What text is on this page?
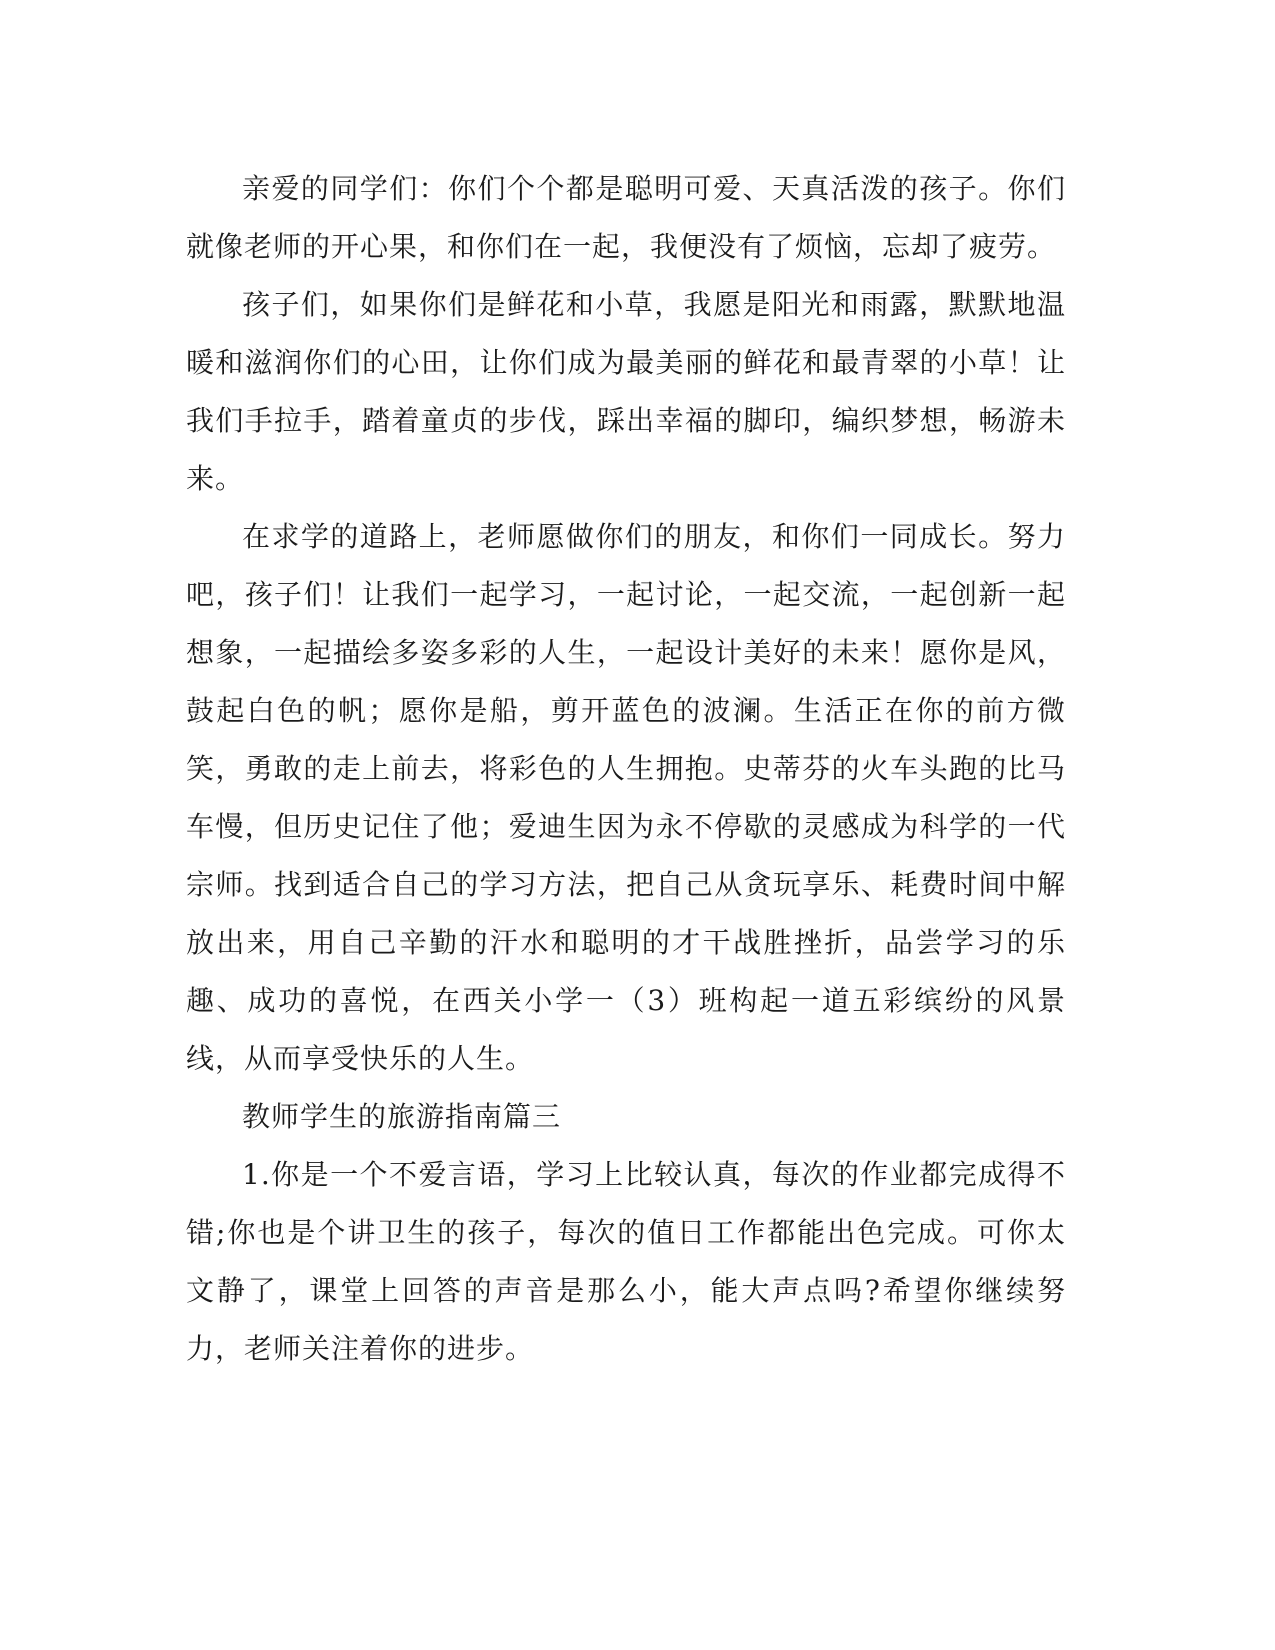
亲爱的同学们：你们个个都是聪明可爱、天真活泼的孩子。你们就像老师的开心果，和你们在一起，我便没有了烦恼，忘却了疲劳。

孩子们，如果你们是鲜花和小草，我愿是阳光和雨露，默默地温暖和滋润你们的心田，让你们成为最美丽的鲜花和最青翠的小草！让我们手拉手，踏着童贞的步伐，踩出幸福的脚印，编织梦想，畅游未来。

在求学的道路上，老师愿做你们的朋友，和你们一同成长。努力吧，孩子们！让我们一起学习，一起讨论，一起交流，一起创新一起想象，一起描绘多姿多彩的人生，一起设计美好的未来！愿你是风，鼓起白色的帆；愿你是船，剪开蓝色的波澜。生活正在你的前方微笑，勇敢的走上前去，将彩色的人生拥抱。史蒂芬的火车头跑的比马车慢，但历史记住了他；爱迪生因为永不停歇的灵感成为科学的一代宗师。找到适合自己的学习方法，把自己从贪玩享乐、耗费时间中解放出来，用自己辛勤的汗水和聪明的才干战胜挫折，品尝学习的乐趣、成功的喜悦，在西关小学一（3）班构起一道五彩缤纷的风景线，从而享受快乐的人生。

教师学生的旅游指南篇三

1.你是一个不爱言语，学习上比较认真，每次的作业都完成得不错;你也是个讲卫生的孩子，每次的值日工作都能出色完成。可你太文静了，课堂上回答的声音是那么小，能大声点吗?希望你继续努力，老师关注着你的进步。
